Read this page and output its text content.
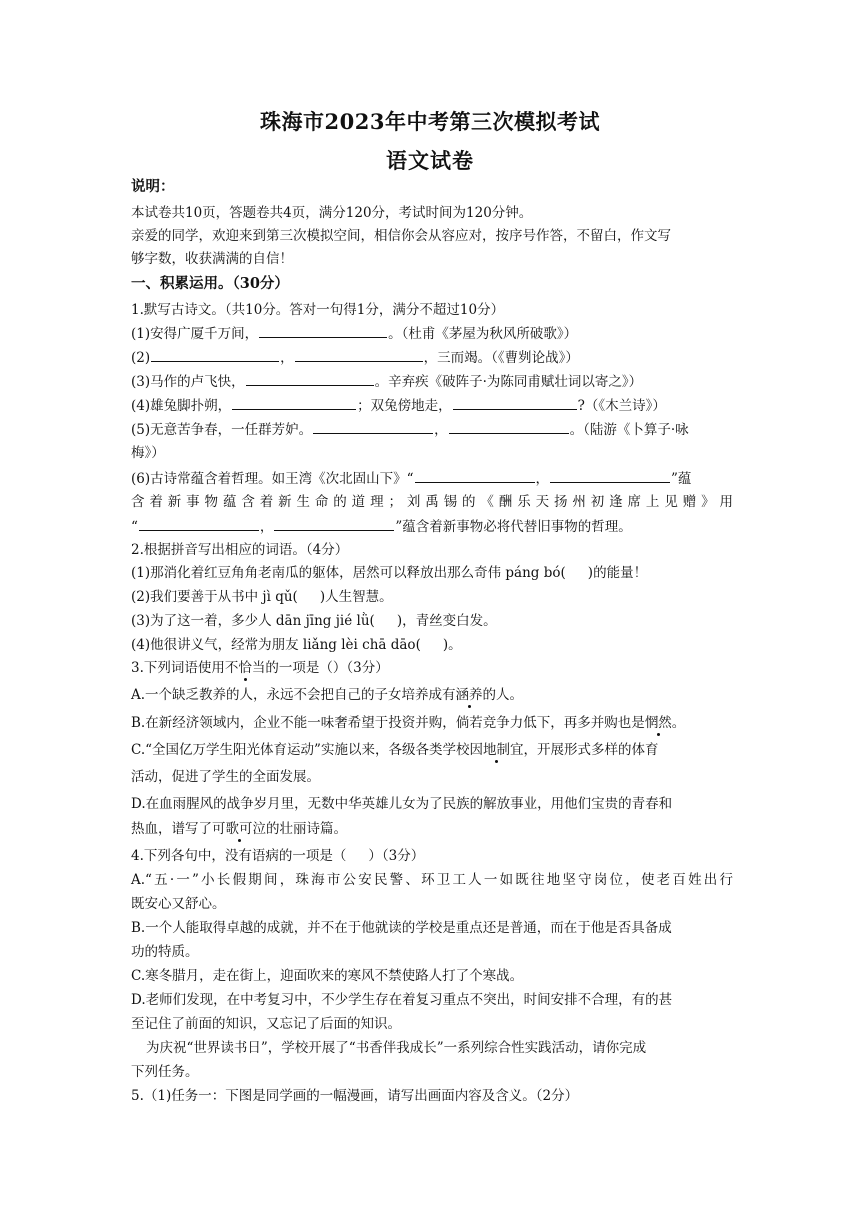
珠海市2023年中考第三次模拟考试
语文试卷
说明：
本试卷共10页，答题卷共4页，满分120分，考试时间为120分钟。
亲爱的同学，欢迎来到第三次模拟空间，相信你会从容应对，按序号作答，不留白，作文写
够字数，收获满满的自信！
一、积累运用。（30分）
1.默写古诗文。（共10分。答对一句得1分，满分不超过10分）
(1)安得广厦千万间，	。（杜甫《茅屋为秋风所破歌》）
(2)	，	，三而竭。（《曹刿论战》）
(3)马作的卢飞快，	。辛弃疾《破阵子·为陈同甫赋壮词以寄之》）
(4)雄兔脚扑朔，	；双兔傍地走，	?（《木兰诗》）
(5)无意苦争春，一任群芳妒。	，	。（陆游《卜算子·咏
梅》）
(6)古诗常蕴含着哲理。如王湾《次北固山下》“	，	”蕴
含着新事物蕴含着新生命的道理；刘禹锡的《酬乐天扬州初逢席上见赠》用
“	，	”蕴含着新事物必将代替旧事物的哲理。
2.根据拼音写出相应的词语。（4分）
(1)那消化着红豆角角老南瓜的躯体，居然可以释放出那么奇伟 páng bó( )的能量！
(2)我们要善于从书中 jì qǔ( )人生智慧。
(3)为了这一着，多少人 dān jīng jié lǜ( )，青丝变白发。
(4)他很讲义气，经常为朋友 liǎng lèi chā dāo( )。
3.下列词语使用不恰当的一项是（）（3分）
A.一个缺乏教养的人，永远不会把自己的子女培养成有涵养的人。
B.在新经济领域内，企业不能一味奢希望于投资并购，倘若竞争力低下，再多并购也是惘然。
C.“全国亿万学生阳光体育运动”实施以来，各级各类学校因地制宜，开展形式多样的体育
活动，促进了学生的全面发展。
D.在血雨腥风的战争岁月里，无数中华英雄儿女为了民族的解放事业，用他们宝贵的青春和
热血，谱写了可歌可泣的壮丽诗篇。
4.下列各句中，没有语病的一项是（ ）（3分）
A.“五·一”小长假期间，珠海市公安民警、环卫工人一如既往地坚守岗位，使老百姓出行
既安心又舒心。
B.一个人能取得卓越的成就，并不在于他就读的学校是重点还是普通，而在于他是否具备成
功的特质。
C.寒冬腊月，走在街上，迎面吹来的寒风不禁使路人打了个寒战。
D.老师们发现，在中考复习中，不少学生存在着复习重点不突出，时间安排不合理，有的甚
至记住了前面的知识，又忘记了后面的知识。
为庆祝“世界读书日”，学校开展了“书香伴我成长”一系列综合性实践活动，请你完成
下列任务。
5.（1)任务一：下图是同学画的一幅漫画，请写出画面内容及含义。（2分）
